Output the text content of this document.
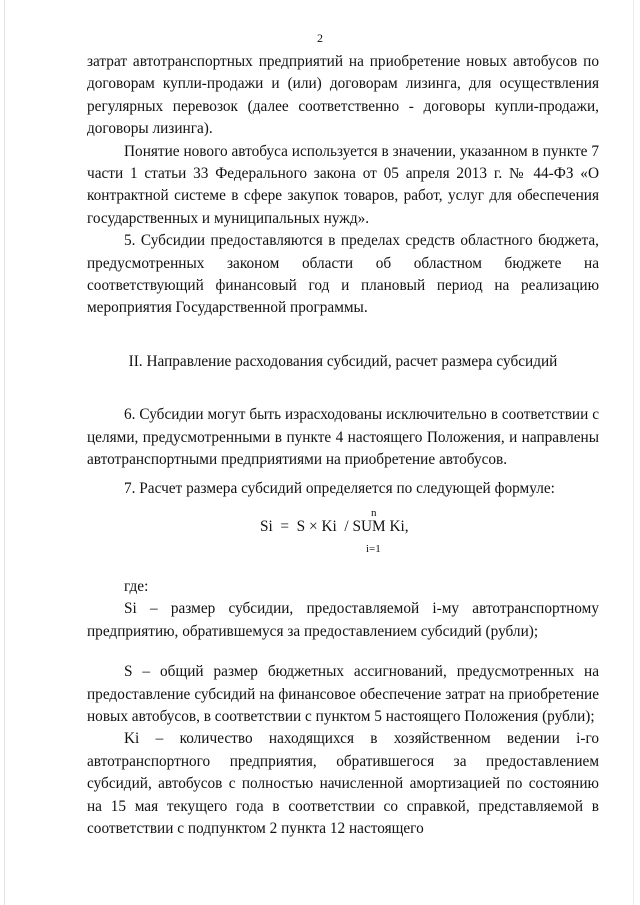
2

затрат автотранспортных предприятий на приобретение новых автобусов по договорам купли-продажи и (или) договорам лизинга, для осуществления регулярных перевозок (далее соответственно - договоры купли-продажи, договоры лизинга).

Понятие нового автобуса используется в значении, указанном в пункте 7 части 1 статьи 33 Федерального закона от 05 апреля 2013 г. № 44-ФЗ «О контрактной системе в сфере закупок товаров, работ, услуг для обеспечения государственных и муниципальных нужд».

5. Субсидии предоставляются в пределах средств областного бюджета, предусмотренных законом области об областном бюджете на соответствующий финансовый год и плановый период на реализацию мероприятия Государственной программы.

II. Направление расходования субсидий, расчет размера субсидий

6. Субсидии могут быть израсходованы исключительно в соответствии с целями, предусмотренными в пункте 4 настоящего Положения, и направлены автотранспортными предприятиями на приобретение автобусов.

7. Расчет размера субсидий определяется по следующей формуле:

n
Si  =  S × Ki  / SUM Ki,
i=1

где:

Si – размер субсидии, предоставляемой i-му автотранспортному предприятию, обратившемуся за предоставлением субсидий (рубли);

S – общий размер бюджетных ассигнований, предусмотренных на предоставление субсидий на финансовое обеспечение затрат на приобретение новых автобусов, в соответствии с пунктом 5 настоящего Положения (рубли);

Ki – количество находящихся в хозяйственном ведении i-го автотранспортного предприятия, обратившегося за предоставлением субсидий, автобусов с полностью начисленной амортизацией по состоянию на 15 мая текущего года в соответствии со справкой, представляемой в соответствии с подпунктом 2 пункта 12 настоящего
